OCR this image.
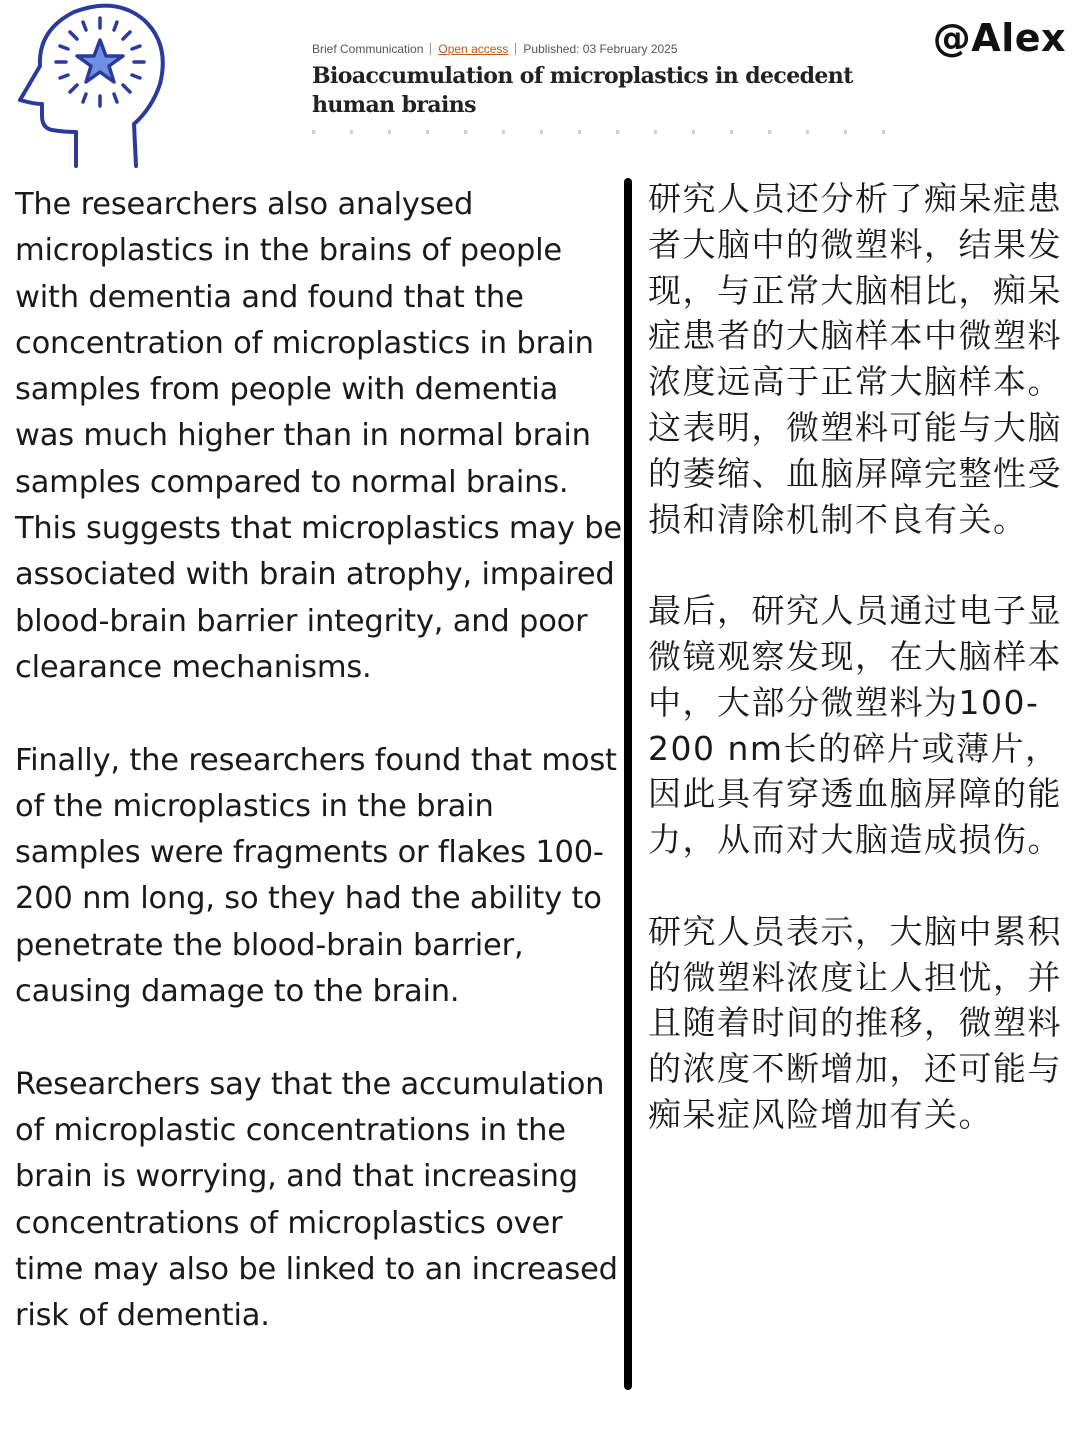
@Alex
Brief Communication Open access Published: 03 February 2025
Bioaccumulation of microplastics in decedent human brains

The researchers also analysed microplastics in the brains of people with dementia and found that the concentration of microplastics in brain samples from people with dementia was much higher than in normal brain samples compared to normal brains. This suggests that microplastics may be associated with brain atrophy, impaired blood-brain barrier integrity, and poor clearance mechanisms.

Finally, the researchers found that most of the microplastics in the brain samples were fragments or flakes 100-200 nm long, so they had the ability to penetrate the blood-brain barrier, causing damage to the brain.

Researchers say that the accumulation of microplastic concentrations in the brain is worrying, and that increasing concentrations of microplastics over time may also be linked to an increased risk of dementia.

研究人员还分析了痴呆症患者大脑中的微塑料，结果发现，与正常大脑相比，痴呆症患者的大脑样本中微塑料浓度远高于正常大脑样本。这表明，微塑料可能与大脑的萎缩、血脑屏障完整性受损和清除机制不良有关。

最后，研究人员通过电子显微镜观察发现，在大脑样本中，大部分微塑料为100-200 nm长的碎片或薄片，因此具有穿透血脑屏障的能力，从而对大脑造成损伤。

研究人员表示，大脑中累积的微塑料浓度让人担忧，并且随着时间的推移，微塑料的浓度不断增加，还可能与痴呆症风险增加有关。
